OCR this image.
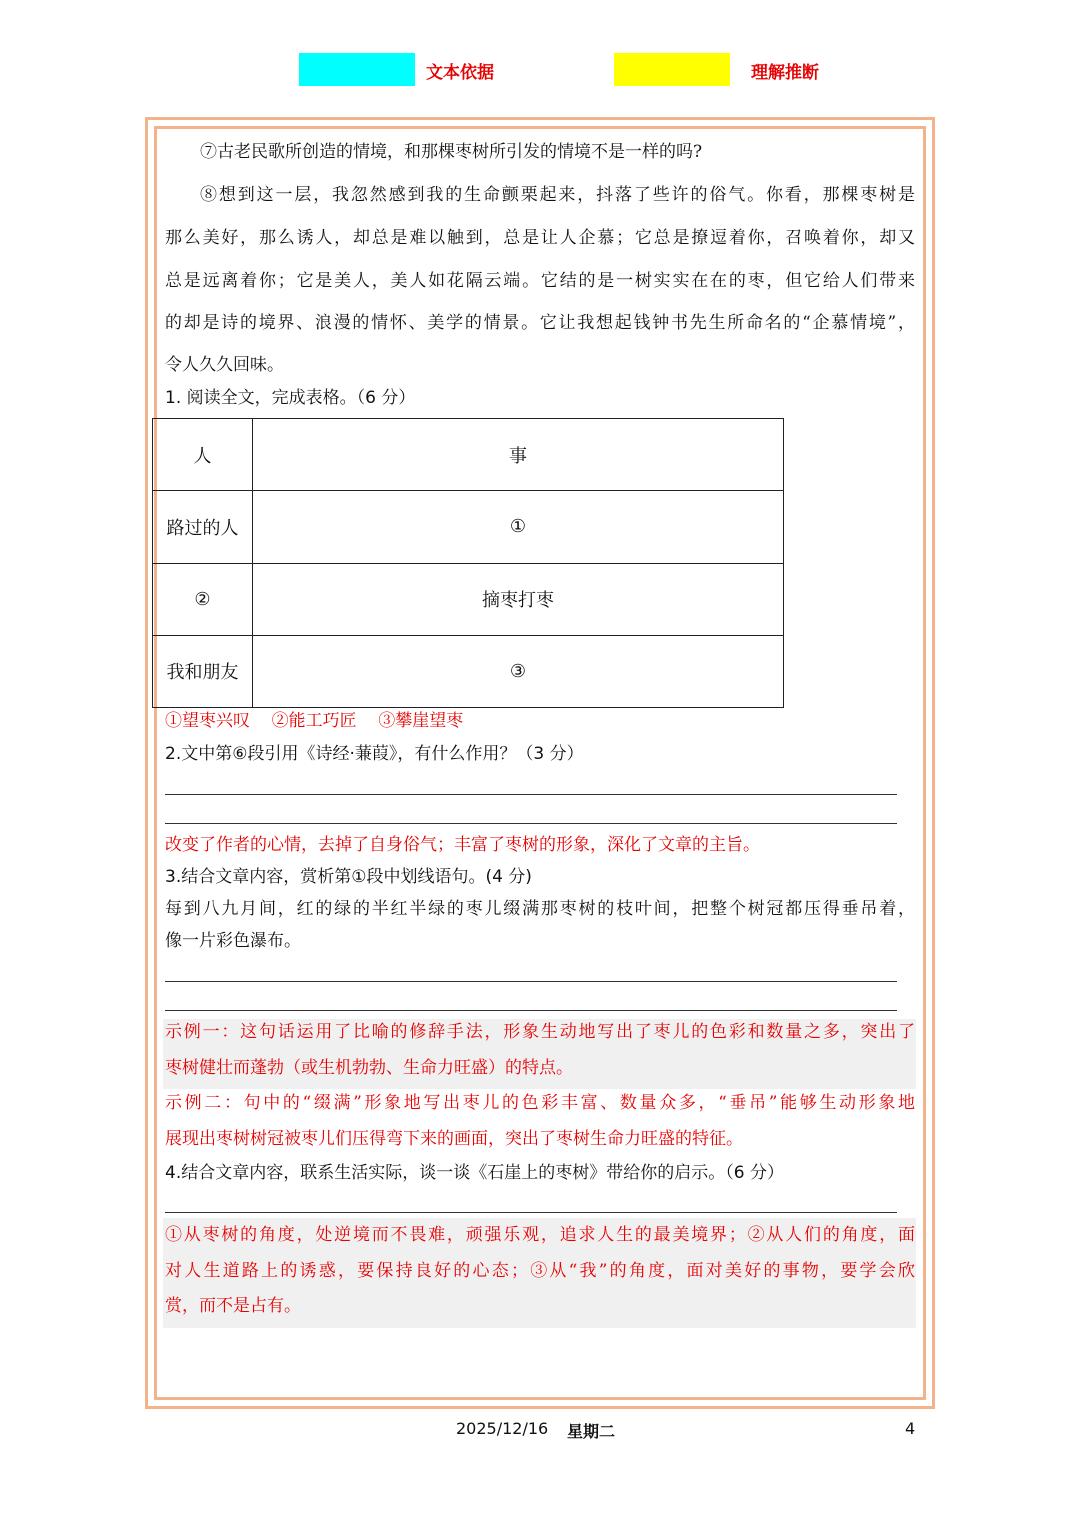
文本依据	理解推断
⑦古老民歌所创造的情境，和那棵枣树所引发的情境不是一样的吗?
⑧想到这一层，我忽然感到我的生命颤栗起来，抖落了些许的俗气。你看，那棵枣树是
那么美好，那么诱人，却总是难以触到，总是让人企慕；它总是撩逗着你，召唤着你，却又
总是远离着你；它是美人，美人如花隔云端。它结的是一树实实在在的枣，但它给人们带来
的却是诗的境界、浪漫的情怀、美学的情景。它让我想起钱钟书先生所命名的“企慕情境”，
令人久久回味。
1. 阅读全文，完成表格。（6 分）
人	事
路过的人	①
②	摘枣打枣
我和朋友	③
①望枣兴叹    ②能工巧匠    ③攀崖望枣
2.文中第⑥段引用《诗经·蒹葭》，有什么作用？（3 分）
改变了作者的心情，去掉了自身俗气；丰富了枣树的形象，深化了文章的主旨。
3.结合文章内容，赏析第①段中划线语句。(4 分)
每到八九月间，红的绿的半红半绿的枣儿缀满那枣树的枝叶间，把整个树冠都压得垂吊着，
像一片彩色瀑布。
示例一：这句话运用了比喻的修辞手法，形象生动地写出了枣儿的色彩和数量之多，突出了
枣树健壮而蓬勃（或生机勃勃、生命力旺盛）的特点。
示例二：句中的“缀满”形象地写出枣儿的色彩丰富、数量众多，“垂吊”能够生动形象地
展现出枣树树冠被枣儿们压得弯下来的画面，突出了枣树生命力旺盛的特征。
4.结合文章内容，联系生活实际，谈一谈《石崖上的枣树》带给你的启示。（6 分）
①从枣树的角度，处逆境而不畏难，顽强乐观，追求人生的最美境界；②从人们的角度，面
对人生道路上的诱惑，要保持良好的心态；③从“我”的角度，面对美好的事物，要学会欣
赏，而不是占有。
2025/12/16 星期二	4
